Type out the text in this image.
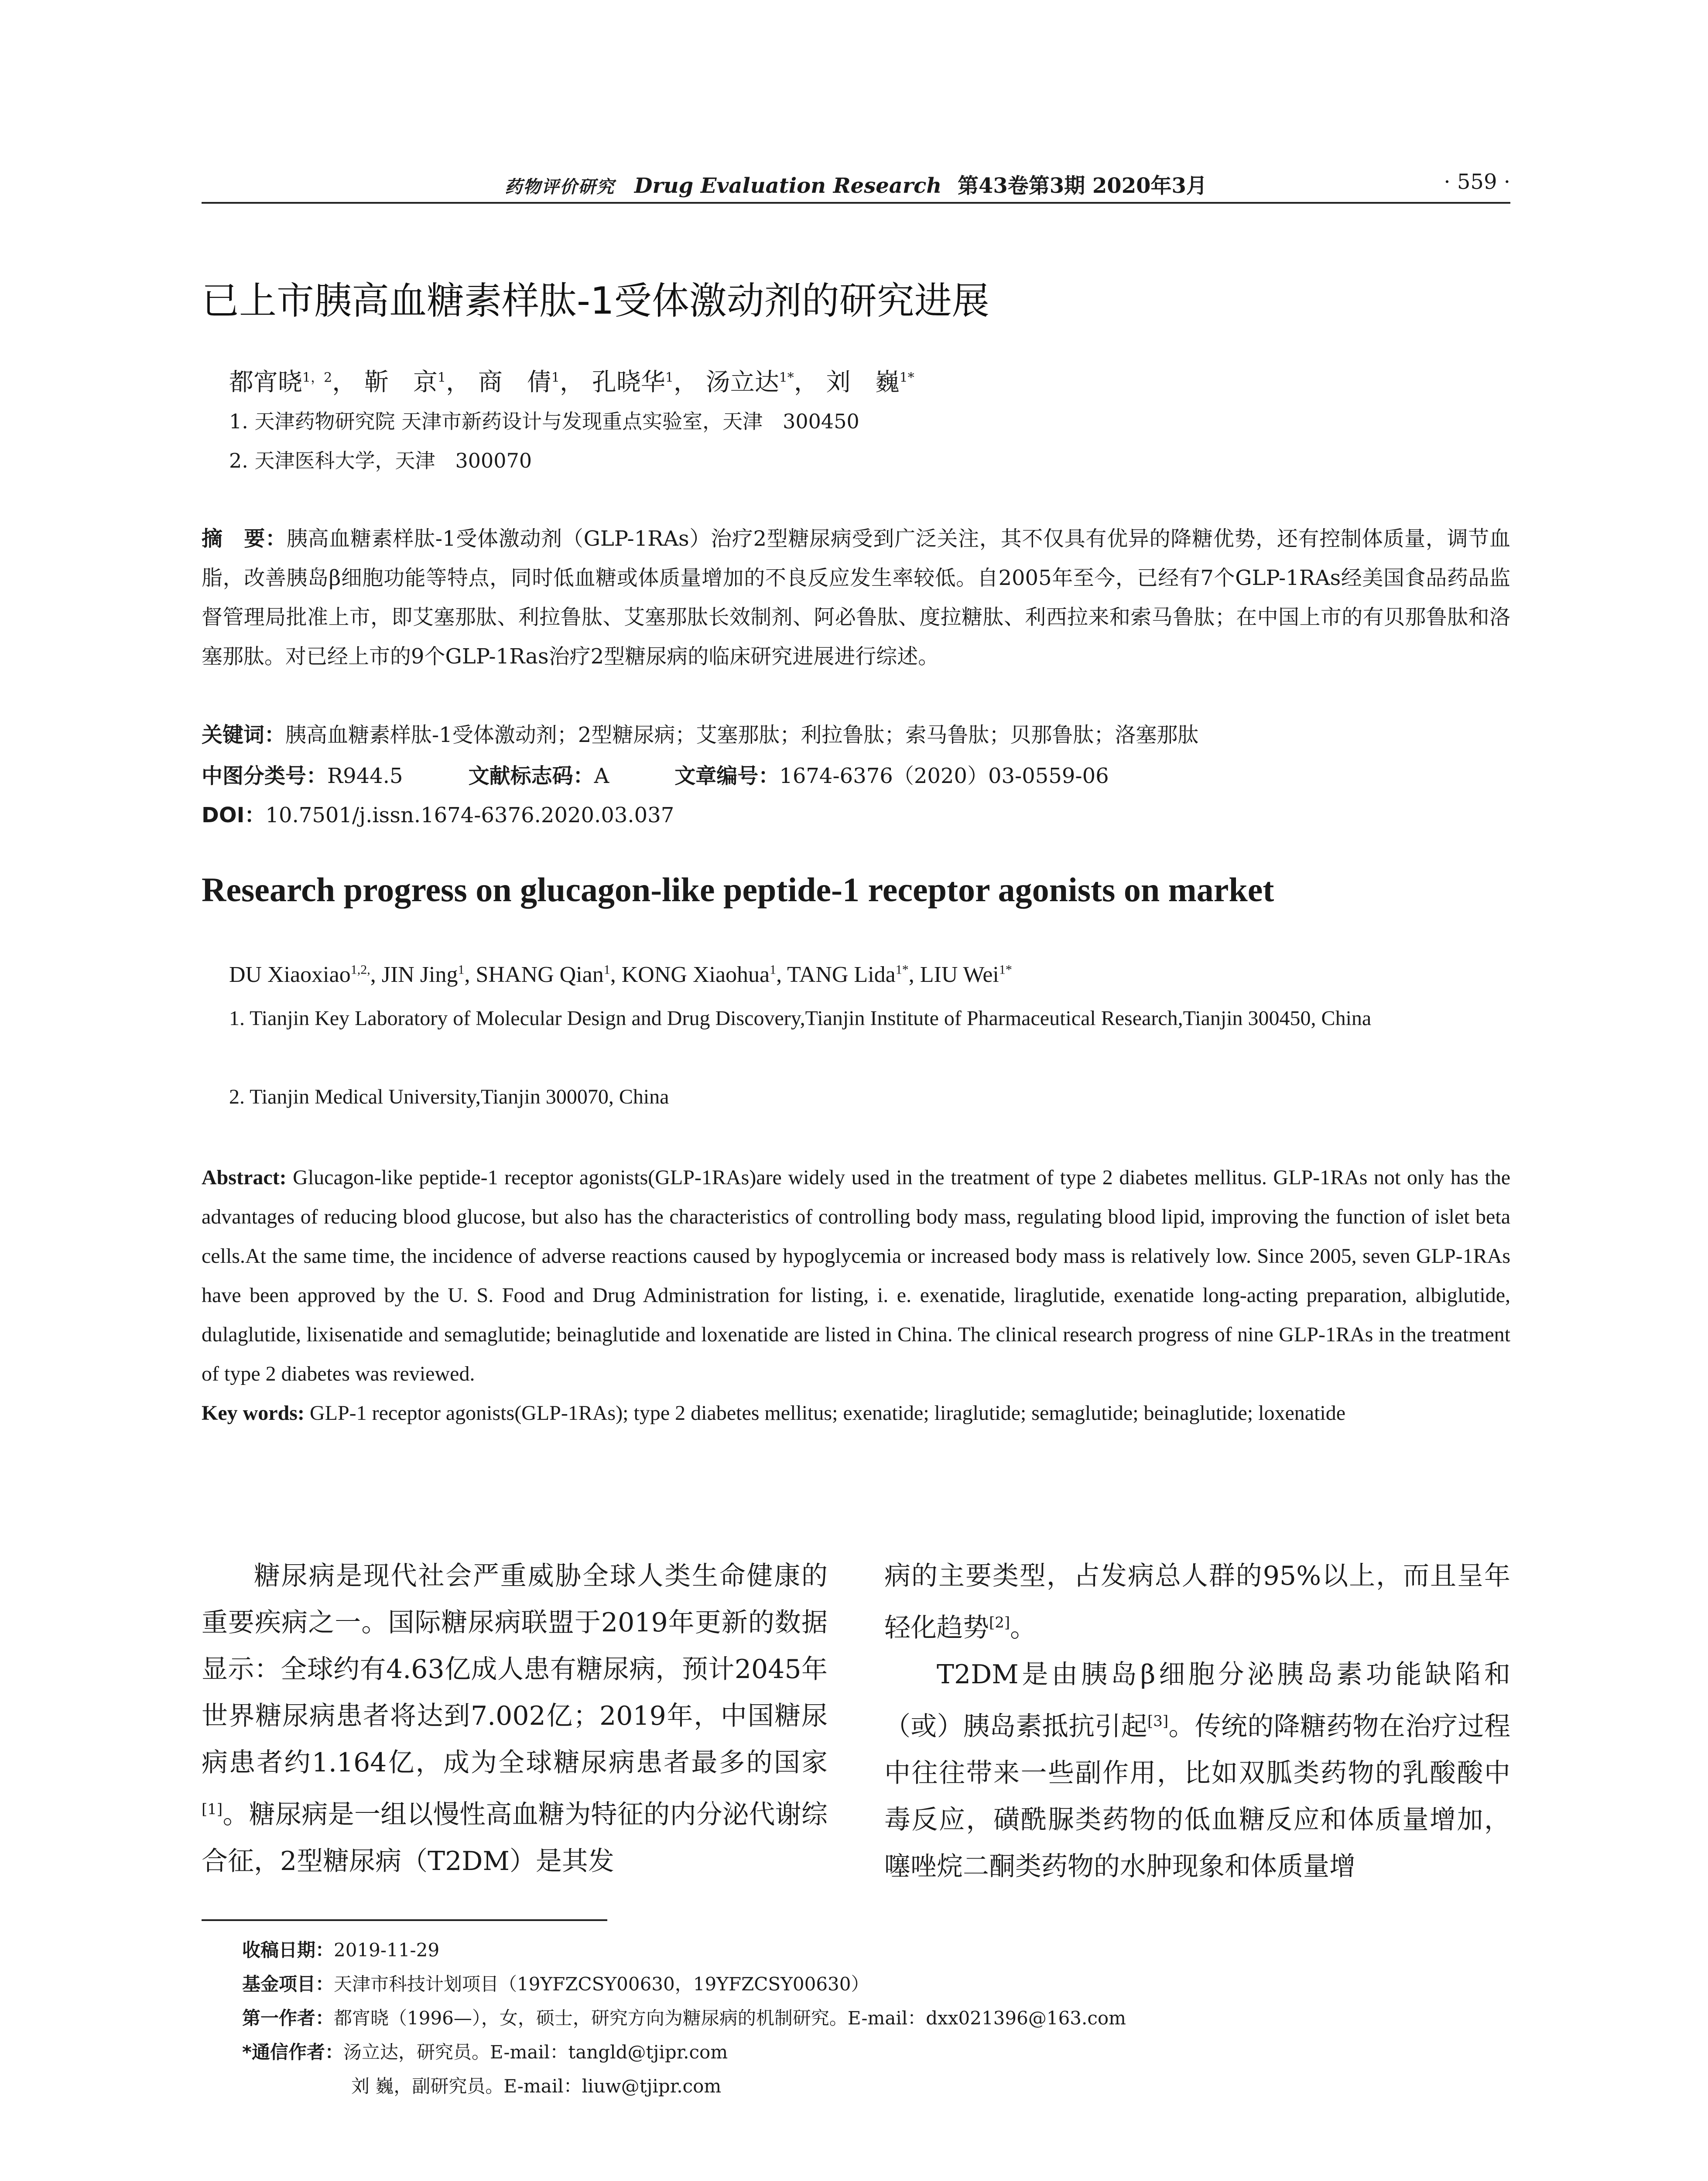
药物评价研究 Drug Evaluation Research 第43卷第3期 2020年3月	· 559 ·
已上市胰高血糖素样肽-1受体激动剂的研究进展
都宵晓$^{1,2}$， 靳　京$^1$， 商　倩$^1$， 孔晓华$^1$， 汤立达$^{1*}$， 刘　巍$^{1*}$
1. 天津药物研究院 天津市新药设计与发现重点实验室，天津　300450
2. 天津医科大学，天津　300070
摘　要：胰高血糖素样肽-1受体激动剂（GLP-1RAs）治疗2型糖尿病受到广泛关注，其不仅具有优异的降糖优势，还有控制体质量，调节血脂，改善胰岛β细胞功能等特点，同时低血糖或体质量增加的不良反应发生率较低。自2005年至今，已经有7个GLP-1RAs经美国食品药品监督管理局批准上市，即艾塞那肽、利拉鲁肽、艾塞那肽长效制剂、阿必鲁肽、度拉糖肽、利西拉来和索马鲁肽；在中国上市的有贝那鲁肽和洛塞那肽。对已经上市的9个GLP-1Ras治疗2型糖尿病的临床研究进展进行综述。
关键词：胰高血糖素样肽-1受体激动剂；2型糖尿病；艾塞那肽；利拉鲁肽；索马鲁肽；贝那鲁肽；洛塞那肽
中图分类号：R944.5	文献标志码：A	文章编号：1674-6376（2020）03-0559-06
DOI：10.7501/j.issn.1674-6376.2020.03.037
Research progress on glucagon-like peptide-1 receptor agonists on market
DU Xiaoxiao$^{1,2,}$, JIN Jing$^1$, SHANG Qian$^1$, KONG Xiaohua$^1$, TANG Lida$^{1*}$, LIU Wei$^{1*}$
1. Tianjin Key Laboratory of Molecular Design and Drug Discovery,Tianjin Institute of Pharmaceutical Research,Tianjin 300450, China
2. Tianjin Medical University,Tianjin 300070, China
Abstract: Glucagon-like peptide-1 receptor agonists(GLP-1RAs)are widely used in the treatment of type 2 diabetes mellitus. GLP-1RAs not only has the advantages of reducing blood glucose, but also has the characteristics of controlling body mass, regulating blood lipid, improving the function of islet beta cells.At the same time, the incidence of adverse reactions caused by hypoglycemia or increased body mass is relatively low. Since 2005, seven GLP-1RAs have been approved by the U. S. Food and Drug Administration for listing, i. e. exenatide, liraglutide, exenatide long-acting preparation, albiglutide, dulaglutide, lixisenatide and semaglutide; beinaglutide and loxenatide are listed in China. The clinical research progress of nine GLP-1RAs in the treatment of type 2 diabetes was reviewed.
Key words: GLP-1 receptor agonists(GLP-1RAs); type 2 diabetes mellitus; exenatide; liraglutide; semaglutide; beinaglutide; loxenatide

糖尿病是现代社会严重威胁全球人类生命健康的重要疾病之一。国际糖尿病联盟于2019年更新的数据显示：全球约有4.63亿成人患有糖尿病，预计2045年世界糖尿病患者将达到7.002亿；2019年，中国糖尿病患者约1.164亿，成为全球糖尿病患者最多的国家[1]。糖尿病是一组以慢性高血糖为特征的内分泌代谢综合征，2型糖尿病（T2DM）是其发

病的主要类型，占发病总人群的95%以上，而且呈年轻化趋势[2]。

T2DM是由胰岛β细胞分泌胰岛素功能缺陷和（或）胰岛素抵抗引起[3]。传统的降糖药物在治疗过程中往往带来一些副作用，比如双胍类药物的乳酸酸中毒反应，磺酰脲类药物的低血糖反应和体质量增加，噻唑烷二酮类药物的水肿现象和体质量增

收稿日期：2019-11-29
基金项目：天津市科技计划项目（19YFZCSY00630，19YFZCSY00630）
第一作者：都宵晓（1996—），女，硕士，研究方向为糖尿病的机制研究。E-mail：dxx021396@163.com
*通信作者：汤立达，研究员。E-mail：tangld@tjipr.com
刘 巍，副研究员。E-mail：liuw@tjipr.com
